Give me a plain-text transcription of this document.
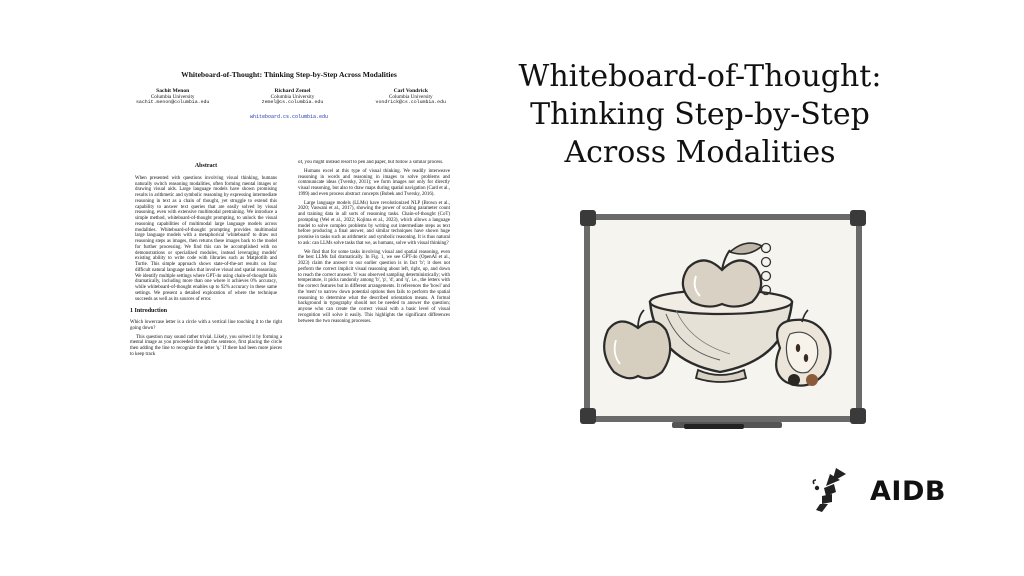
Whiteboard-of-Thought: Thinking Step-by-Step Across Modalities
Sachit Menon
Columbia University
sachit.menon@columbia.edu
Richard Zemel
Columbia University
zemel@cs.columbia.edu
Carl Vondrick
Columbia University
vondrick@cs.columbia.edu
whiteboard.cs.columbia.edu
Abstract

When presented with questions involving visual thinking, humans naturally switch reasoning modalities, often forming mental images or drawing visual aids. Large language models have shown promising results in arithmetic and symbolic reasoning by expressing intermediate reasoning in text as a chain of thought, yet struggle to extend this capability to answer text queries that are easily solved by visual reasoning, even with extensive multimodal pretraining. We introduce a simple method, whiteboard-of-thought prompting, to unlock the visual reasoning capabilities of multimodal large language models across modalities. Whiteboard-of-thought prompting provides multimodal large language models with a metaphorical 'whiteboard' to draw out reasoning steps as images, then returns these images back to the model for further processing. We find this can be accomplished with no demonstrations or specialized modules, instead leveraging models' existing ability to write code with libraries such as Matplotlib and Turtle. This simple approach shows state-of-the-art results on four difficult natural language tasks that involve visual and spatial reasoning. We identify multiple settings where GPT-4o using chain-of-thought fails dramatically, including more than one where it achieves 0% accuracy, while whiteboard-of-thought enables up to 92% accuracy in these same settings. We present a detailed exploration of where the technique succeeds as well as its sources of error.

1 Introduction

Which lowercase letter is a circle with a vertical line touching it to the right going down?

This question may sound rather trivial. Likely, you solved it by forming a mental image as you proceeded through the sentence, first placing the circle then adding the line to recognize the letter 'q.' If there had been more pieces to keep track

of, you might instead resort to pen and paper, but follow a similar process.

Humans excel at this type of visual thinking. We readily interweave reasoning in words and reasoning in images to solve problems and communicate ideas (Tversky, 2011); we form images not only for directly visual reasoning, but also to draw maps during spatial navigation (Card et al., 1999) and even process abstract concepts (Bobek and Tversky, 2016).

Large language models (LLMs) have revolutionized NLP (Brown et al., 2020; Vaswani et al., 2017), showing the power of scaling parameter count and training data in all sorts of reasoning tasks. Chain-of-thought (CoT) prompting (Wei et al., 2022; Kojima et al., 2023), which allows a language model to solve complex problems by writing out intermediate steps as text before producing a final answer, and similar techniques have shown huge promise in tasks such as arithmetic and symbolic reasoning. It is thus natural to ask: can LLMs solve tasks that we, as humans, solve with visual thinking?

We find that for some tasks involving visual and spatial reasoning, even the best LLMs fail dramatically. In Fig. 1, we see GPT-4o (OpenAI et al., 2023) claim the answer to our earlier question is in fact 'b'; it does not perform the correct implicit visual reasoning about left, right, up, and down to reach the correct answer. 'b' was observed sampling deterministically; with temperature, it picks randomly among 'b', 'p', 'd', and 'q', i.e., the letters with the correct features but in different arrangements. It references the 'bowl' and the 'stem' to narrow down potential options then fails to perform the spatial reasoning to determine what the described orientation means. A formal background in typography should not be needed to answer the question; anyone who can create the correct visual with a basic level of visual recognition will solve it easily. This highlights the significant differences between the two reasoning processes.

Whiteboard-of-Thought:
Thinking Step-by-Step
Across Modalities
AIDB
